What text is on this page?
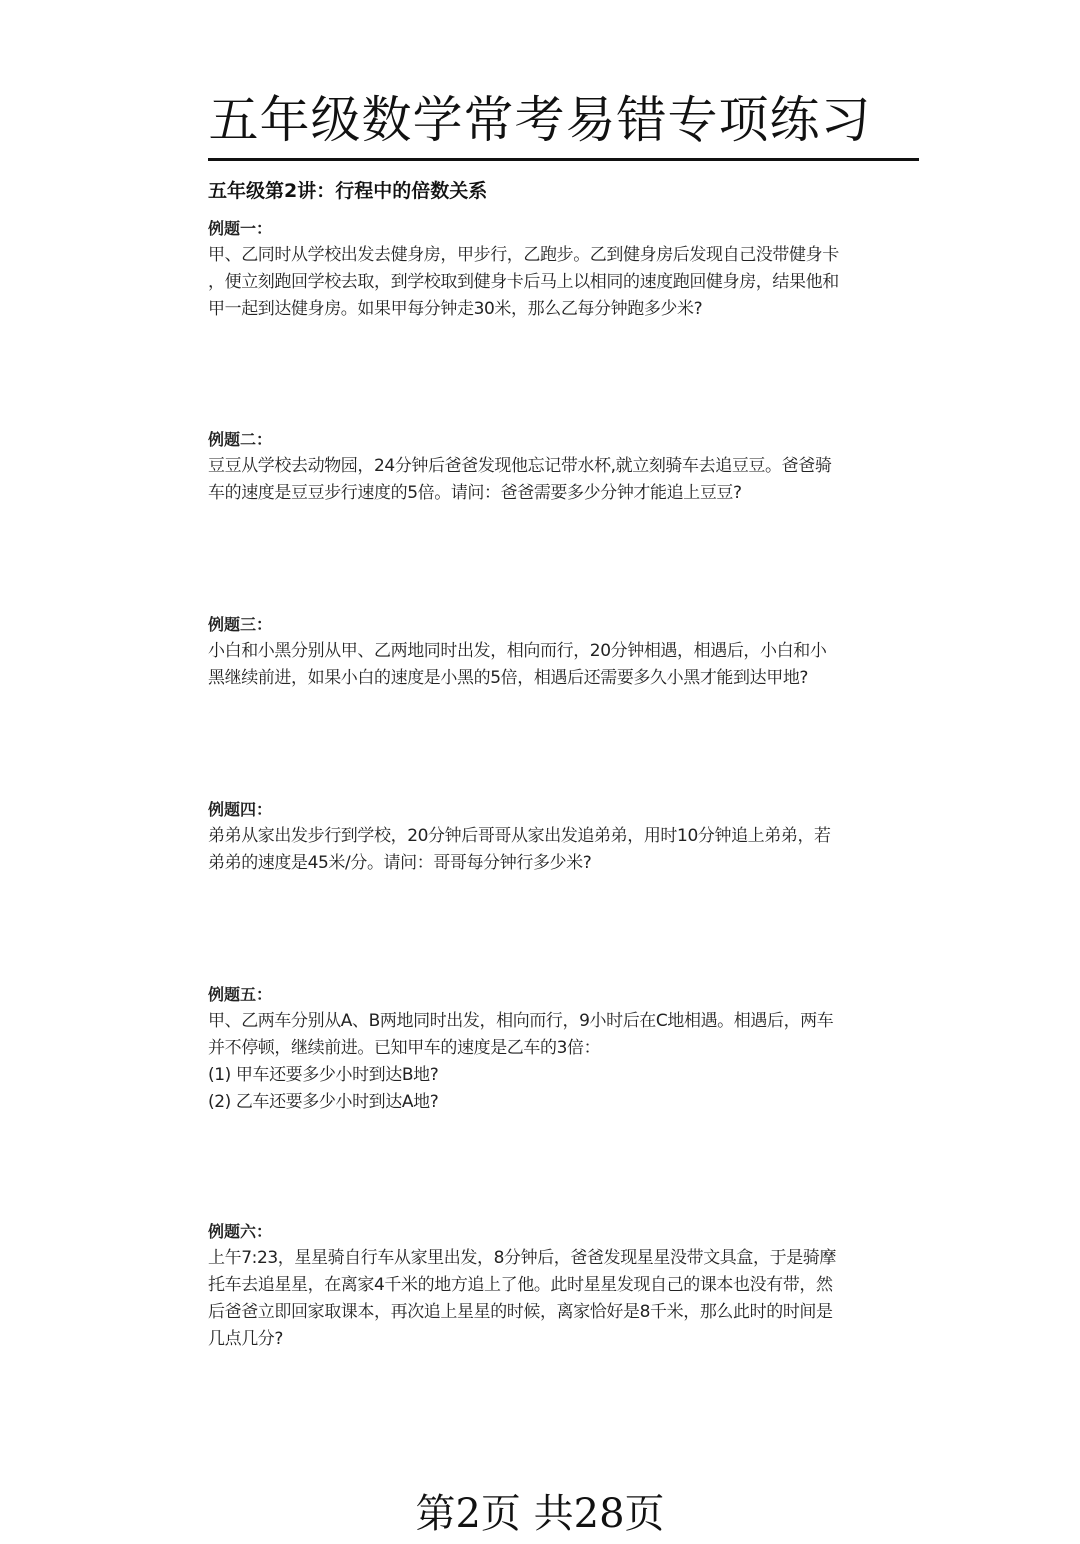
五年级数学常考易错专项练习
五年级第2讲：行程中的倍数关系
例题一：
甲、乙同时从学校出发去健身房，甲步行，乙跑步。乙到健身房后发现自己没带健身卡
，便立刻跑回学校去取，到学校取到健身卡后马上以相同的速度跑回健身房，结果他和
甲一起到达健身房。如果甲每分钟走30米，那么乙每分钟跑多少米?
例题二：
豆豆从学校去动物园，24分钟后爸爸发现他忘记带水杯,就立刻骑车去追豆豆。爸爸骑
车的速度是豆豆步行速度的5倍。请问：爸爸需要多少分钟才能追上豆豆?
例题三：
小白和小黑分别从甲、乙两地同时出发，相向而行，20分钟相遇，相遇后，小白和小
黑继续前进，如果小白的速度是小黑的5倍，相遇后还需要多久小黑才能到达甲地?
例题四：
弟弟从家出发步行到学校，20分钟后哥哥从家出发追弟弟，用时10分钟追上弟弟，若
弟弟的速度是45米/分。请问：哥哥每分钟行多少米?
例题五：
甲、乙两车分别从A、B两地同时出发，相向而行，9小时后在C地相遇。相遇后，两车
并不停顿，继续前进。已知甲车的速度是乙车的3倍：
(1) 甲车还要多少小时到达B地?
(2) 乙车还要多少小时到达A地?
例题六：
上午7:23，星星骑自行车从家里出发，8分钟后，爸爸发现星星没带文具盒，于是骑摩
托车去追星星，在离家4千米的地方追上了他。此时星星发现自己的课本也没有带，然
后爸爸立即回家取课本，再次追上星星的时候，离家恰好是8千米，那么此时的时间是
几点几分?
第2页 共28页
